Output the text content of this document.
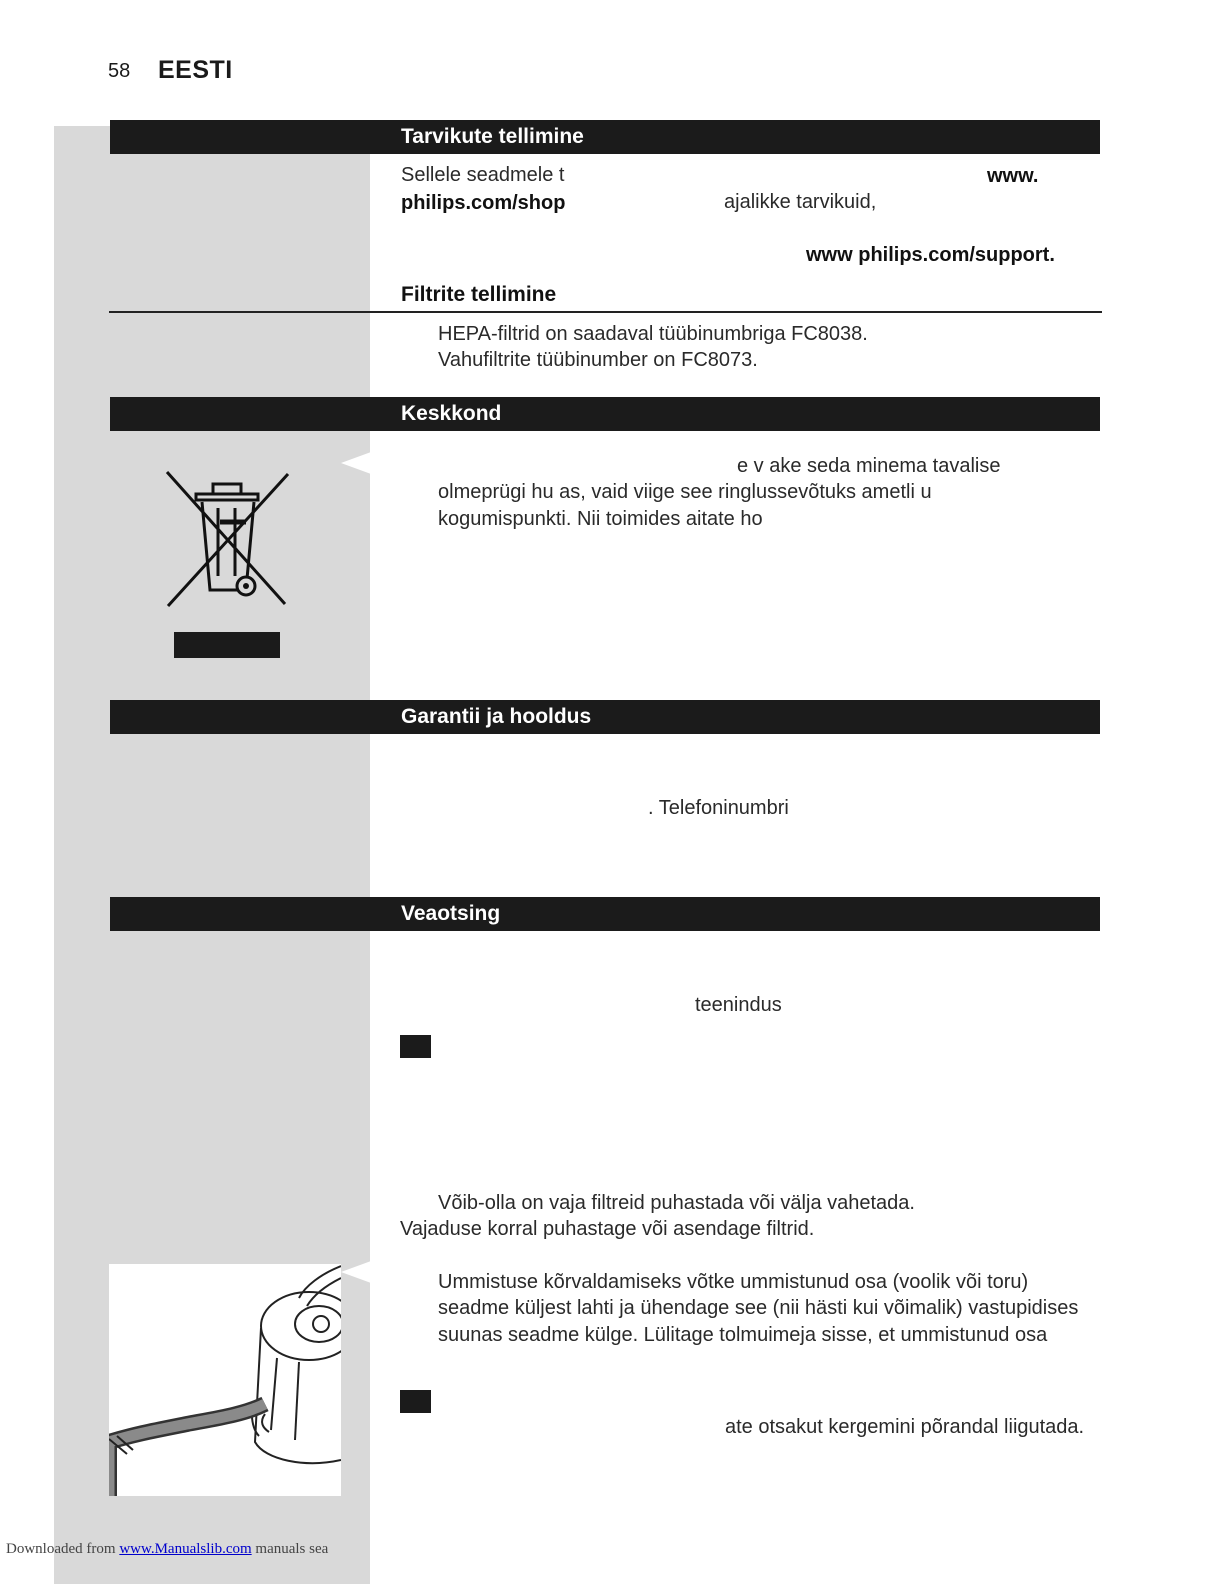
58 EESTI
Tarvikute tellimine
Sellele seadmele t	www.
philips.com/shop	ajalikke tarvikuid,
www philips.com/support.
Filtrite tellimine
HEPA-filtrid on saadaval tüübinumbriga FC8038.
Vahufiltrite tüübinumber on FC8073.
Keskkond
e v ake seda minema tavalise
olmeprügi hu as, vaid viige see ringlussevõtuks ametli u
kogumispunkti. Nii toimides aitate ho
Garantii ja hooldus
. Telefoninumbri
Veaotsing
teenindus
Võib-olla on vaja filtreid puhastada või välja vahetada.
Vajaduse korral puhastage või asendage filtrid.
Ummistuse kõrvaldamiseks võtke ummistunud osa (voolik või toru)
seadme küljest lahti ja ühendage see (nii hästi kui võimalik) vastupidises
suunas seadme külge. Lülitage tolmuimeja sisse, et ummistunud osa
ate otsakut kergemini põrandal liigutada.
Downloaded from www.Manualslib.com manuals sea
